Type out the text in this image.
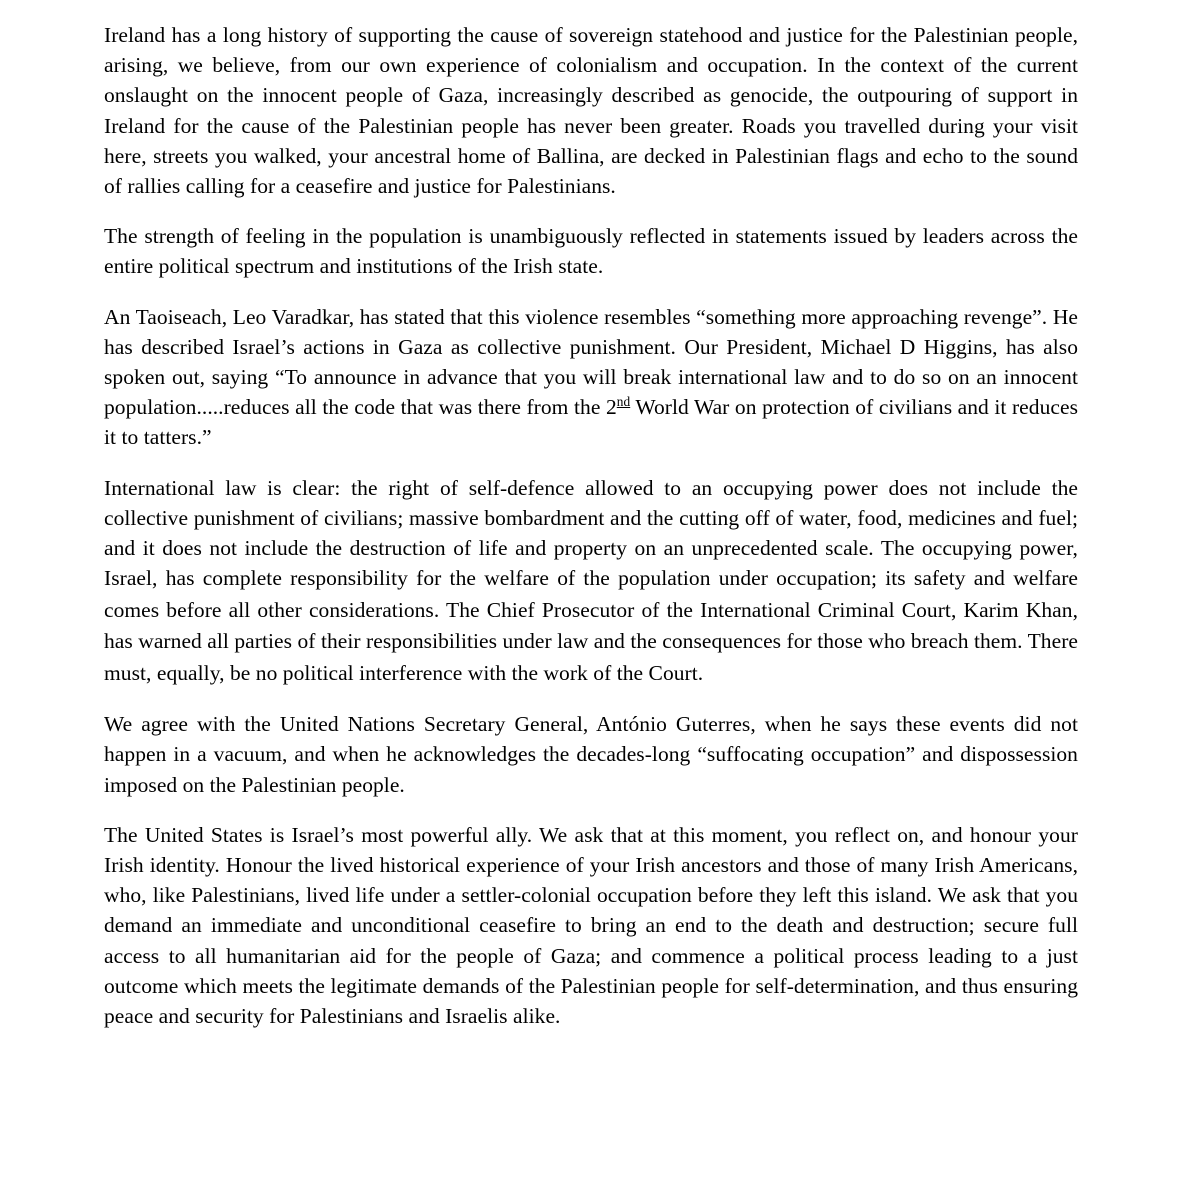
Ireland has a long history of supporting the cause of sovereign statehood and justice for the Palestinian people, arising, we believe, from our own experience of colonialism and occupation. In the context of the current onslaught on the innocent people of Gaza, increasingly described as genocide, the outpouring of support in Ireland for the cause of the Palestinian people has never been greater. Roads you travelled during your visit here, streets you walked, your ancestral home of Ballina, are decked in Palestinian flags and echo to the sound of rallies calling for a ceasefire and justice for Palestinians.

The strength of feeling in the population is unambiguously reflected in statements issued by leaders across the entire political spectrum and institutions of the Irish state.

An Taoiseach, Leo Varadkar, has stated that this violence resembles “something more approaching revenge”. He has described Israel’s actions in Gaza as collective punishment. Our President, Michael D Higgins, has also spoken out, saying “To announce in advance that you will break international law and to do so on an innocent population.....reduces all the code that was there from the 2nd World War on protection of civilians and it reduces it to tatters.”

International law is clear: the right of self-defence allowed to an occupying power does not include the collective punishment of civilians; massive bombardment and the cutting off of water, food, medicines and fuel; and it does not include the destruction of life and property on an unprecedented scale. The occupying power, Israel, has complete responsibility for the welfare of the population under occupation; its safety and welfare comes before all other considerations. The Chief Prosecutor of the International Criminal Court, Karim Khan, has warned all parties of their responsibilities under law and the consequences for those who breach them. There must, equally, be no political interference with the work of the Court.

We agree with the United Nations Secretary General, António Guterres, when he says these events did not happen in a vacuum, and when he acknowledges the decades-long “suffocating occupation” and dispossession imposed on the Palestinian people.

The United States is Israel’s most powerful ally. We ask that at this moment, you reflect on, and honour your Irish identity. Honour the lived historical experience of your Irish ancestors and those of many Irish Americans, who, like Palestinians, lived life under a settler-colonial occupation before they left this island. We ask that you demand an immediate and unconditional ceasefire to bring an end to the death and destruction; secure full access to all humanitarian aid for the people of Gaza; and commence a political process leading to a just outcome which meets the legitimate demands of the Palestinian people for self-determination, and thus ensuring peace and security for Palestinians and Israelis alike.
